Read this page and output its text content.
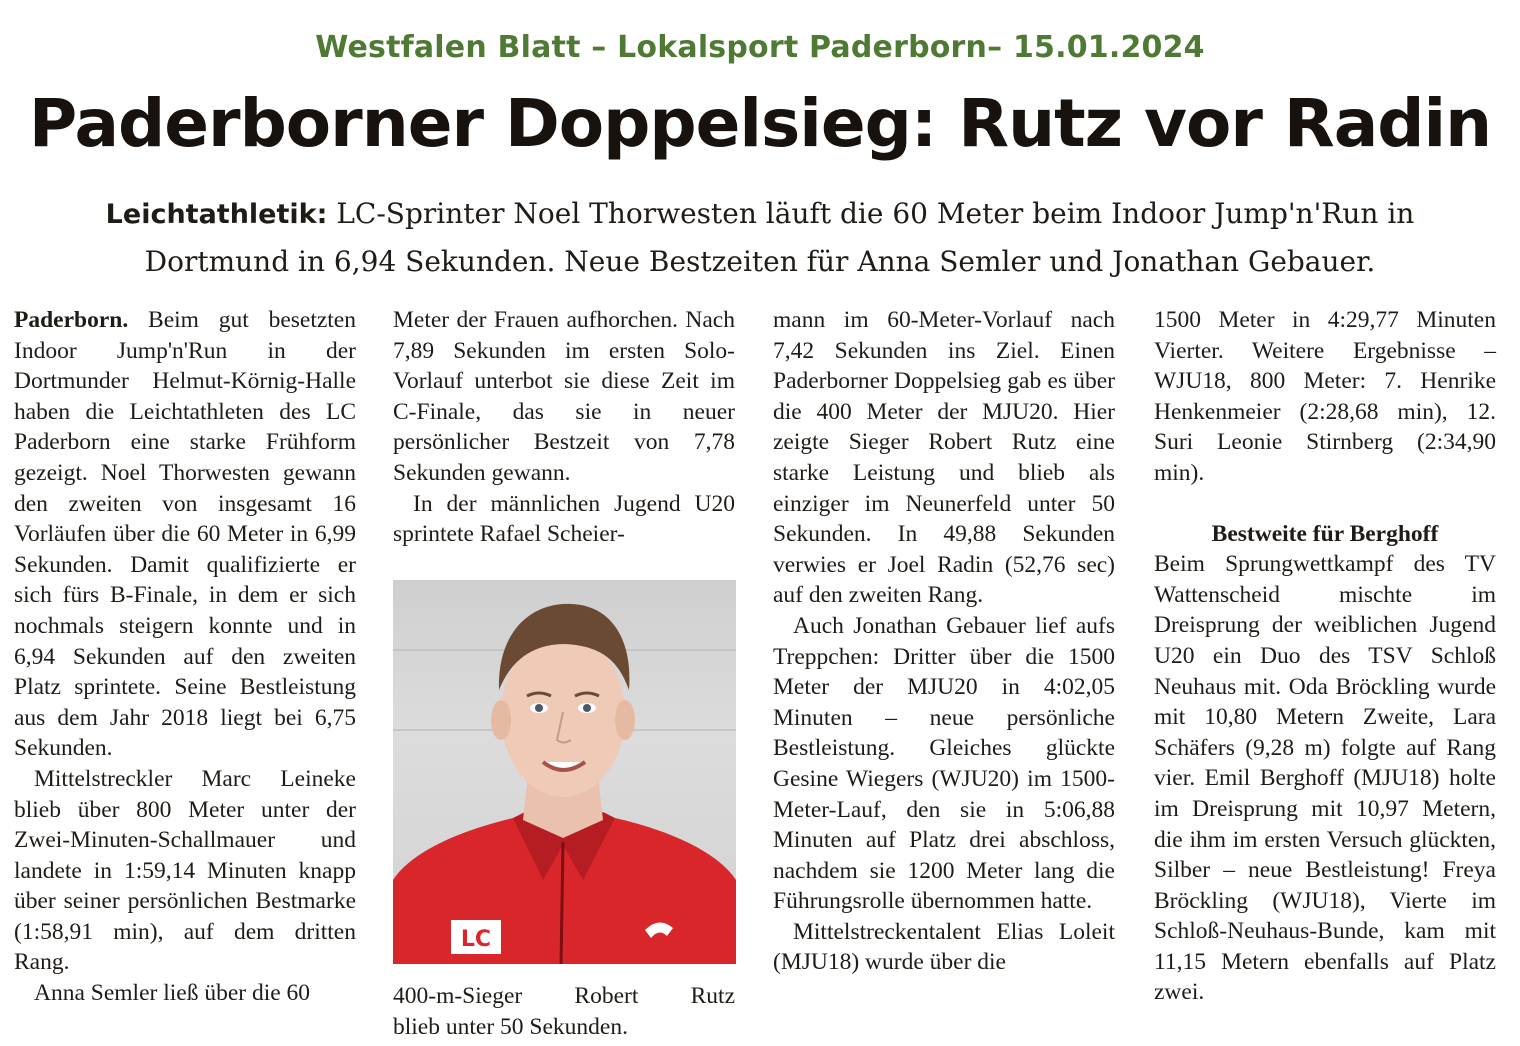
Westfalen Blatt – Lokalsport Paderborn– 15.01.2024
Paderborner Doppelsieg: Rutz vor Radin
Leichtathletik: LC-Sprinter Noel Thorwesten läuft die 60 Meter beim Indoor Jump'n'Run in Dortmund in 6,94 Sekunden. Neue Bestzeiten für Anna Semler und Jonathan Gebauer.

Paderborn. Beim gut besetzten Indoor Jump'n'Run in der Dortmunder Helmut-Körnig-Halle haben die Leichtathleten des LC Paderborn eine starke Frühform gezeigt. Noel Thorwesten gewann den zweiten von insgesamt 16 Vorläufen über die 60 Meter in 6,99 Sekunden. Damit qualifizierte er sich fürs B-Finale, in dem er sich nochmals steigern konnte und in 6,94 Sekunden auf den zweiten Platz sprintete. Seine Bestleistung aus dem Jahr 2018 liegt bei 6,75 Sekunden.

Mittelstreckler Marc Leineke blieb über 800 Meter unter der Zwei-Minuten-Schallmauer und landete in 1:59,14 Minuten knapp über seiner persönlichen Bestmarke (1:58,91 min), auf dem dritten Rang.

Anna Semler ließ über die 60

Meter der Frauen aufhorchen. Nach 7,89 Sekunden im ersten Solo-Vorlauf unterbot sie diese Zeit im C-Finale, das sie in neuer persönlicher Bestzeit von 7,78 Sekunden gewann.

In der männlichen Jugend U20 sprintete Rafael Scheier-

LC
400-m-Sieger Robert Rutz
blieb unter 50 Sekunden.

mann im 60-Meter-Vorlauf nach 7,42 Sekunden ins Ziel. Einen Paderborner Doppelsieg gab es über die 400 Meter der MJU20. Hier zeigte Sieger Robert Rutz eine starke Leistung und blieb als einziger im Neunerfeld unter 50 Sekunden. In 49,88 Sekunden verwies er Joel Radin (52,76 sec) auf den zweiten Rang.

Auch Jonathan Gebauer lief aufs Treppchen: Dritter über die 1500 Meter der MJU20 in 4:02,05 Minuten – neue persönliche Bestleistung. Gleiches glückte Gesine Wiegers (WJU20) im 1500-Meter-Lauf, den sie in 5:06,88 Minuten auf Platz drei abschloss, nachdem sie 1200 Meter lang die Führungsrolle übernommen hatte.

Mittelstreckentalent Elias Loleit (MJU18) wurde über die

1500 Meter in 4:29,77 Minuten Vierter. Weitere Ergebnisse – WJU18, 800 Meter: 7. Henrike Henkenmeier (2:28,68 min), 12. Suri Leonie Stirnberg (2:34,90 min).

Bestweite für Berghoff

Beim Sprungwettkampf des TV Wattenscheid mischte im Dreisprung der weiblichen Jugend U20 ein Duo des TSV Schloß Neuhaus mit. Oda Bröckling wurde mit 10,80 Metern Zweite, Lara Schäfers (9,28 m) folgte auf Rang vier. Emil Berghoff (MJU18) holte im Dreisprung mit 10,97 Metern, die ihm im ersten Versuch glückten, Silber – neue Bestleistung! Freya Bröckling (WJU18), Vierte im Schloß-Neuhaus-Bunde, kam mit 11,15 Metern ebenfalls auf Platz zwei.
